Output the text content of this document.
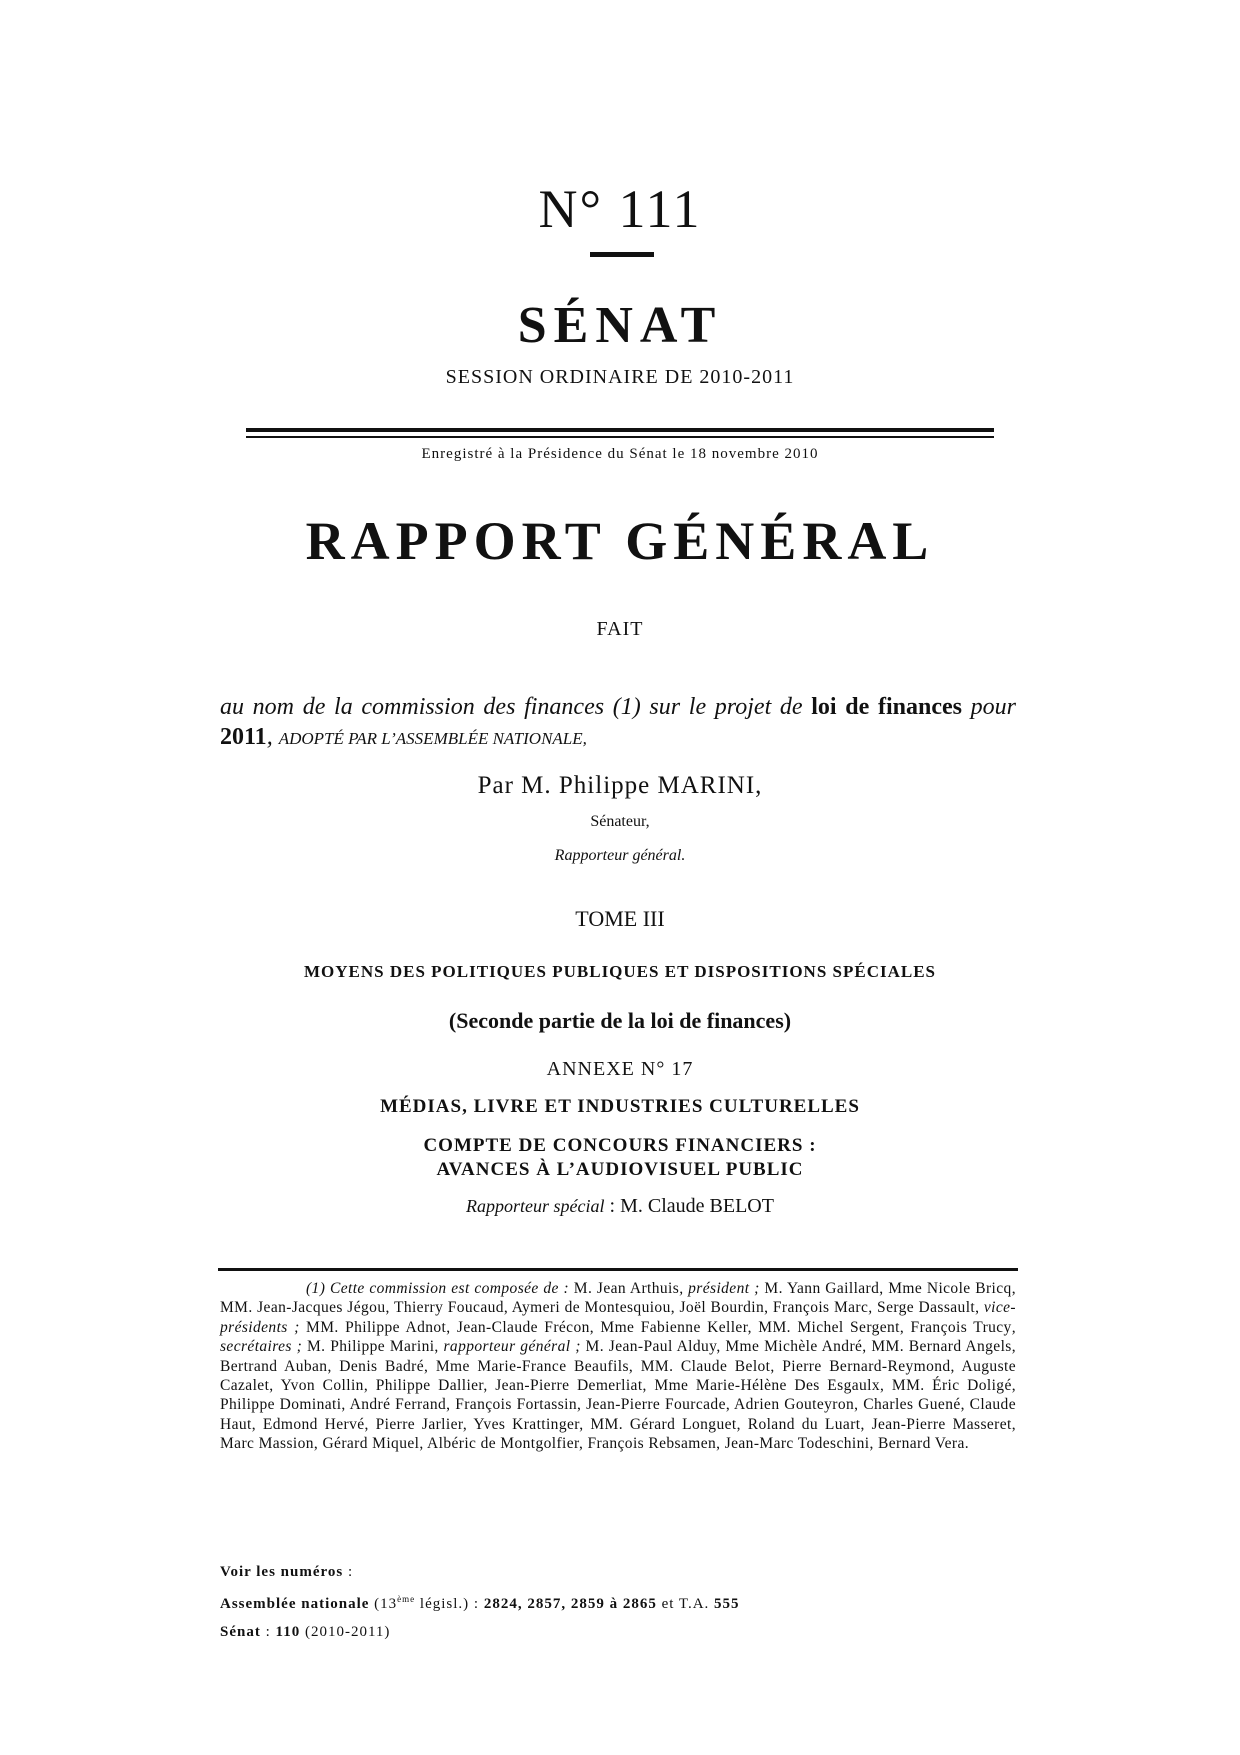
N° 111
SÉNAT
SESSION ORDINAIRE DE 2010-2011
Enregistré à la Présidence du Sénat le 18 novembre 2010
RAPPORT GÉNÉRAL
FAIT
au nom de la commission des finances (1) sur le projet de loi de finances pour 2011, ADOPTÉ PAR L’ASSEMBLÉE NATIONALE,
Par M. Philippe MARINI,
Sénateur,
Rapporteur général.
TOME III
MOYENS DES POLITIQUES PUBLIQUES ET DISPOSITIONS SPÉCIALES
(Seconde partie de la loi de finances)
ANNEXE N° 17
MÉDIAS, LIVRE ET INDUSTRIES CULTURELLES
COMPTE DE CONCOURS FINANCIERS :
AVANCES À L’AUDIOVISUEL PUBLIC
Rapporteur spécial : M. Claude BELOT
(1) Cette commission est composée de : M. Jean Arthuis, président ; M. Yann Gaillard, Mme Nicole Bricq, MM. Jean-Jacques Jégou, Thierry Foucaud, Aymeri de Montesquiou, Joël Bourdin, François Marc, Serge Dassault, vice-présidents ; MM. Philippe Adnot, Jean-Claude Frécon, Mme Fabienne Keller, MM. Michel Sergent, François Trucy, secrétaires ; M. Philippe Marini, rapporteur général ; M. Jean-Paul Alduy, Mme Michèle André, MM. Bernard Angels, Bertrand Auban, Denis Badré, Mme Marie-France Beaufils, MM. Claude Belot, Pierre Bernard-Reymond, Auguste Cazalet, Yvon Collin, Philippe Dallier, Jean-Pierre Demerliat, Mme Marie-Hélène Des Esgaulx, MM. Éric Doligé, Philippe Dominati, André Ferrand, François Fortassin, Jean-Pierre Fourcade, Adrien Gouteyron, Charles Guené, Claude Haut, Edmond Hervé, Pierre Jarlier, Yves Krattinger, MM. Gérard Longuet, Roland du Luart, Jean-Pierre Masseret, Marc Massion, Gérard Miquel, Albéric de Montgolfier, François Rebsamen, Jean-Marc Todeschini, Bernard Vera.
Voir les numéros :
Assemblée nationale (13ème législ.) : 2824, 2857, 2859 à 2865 et T.A. 555
Sénat : 110 (2010-2011)
